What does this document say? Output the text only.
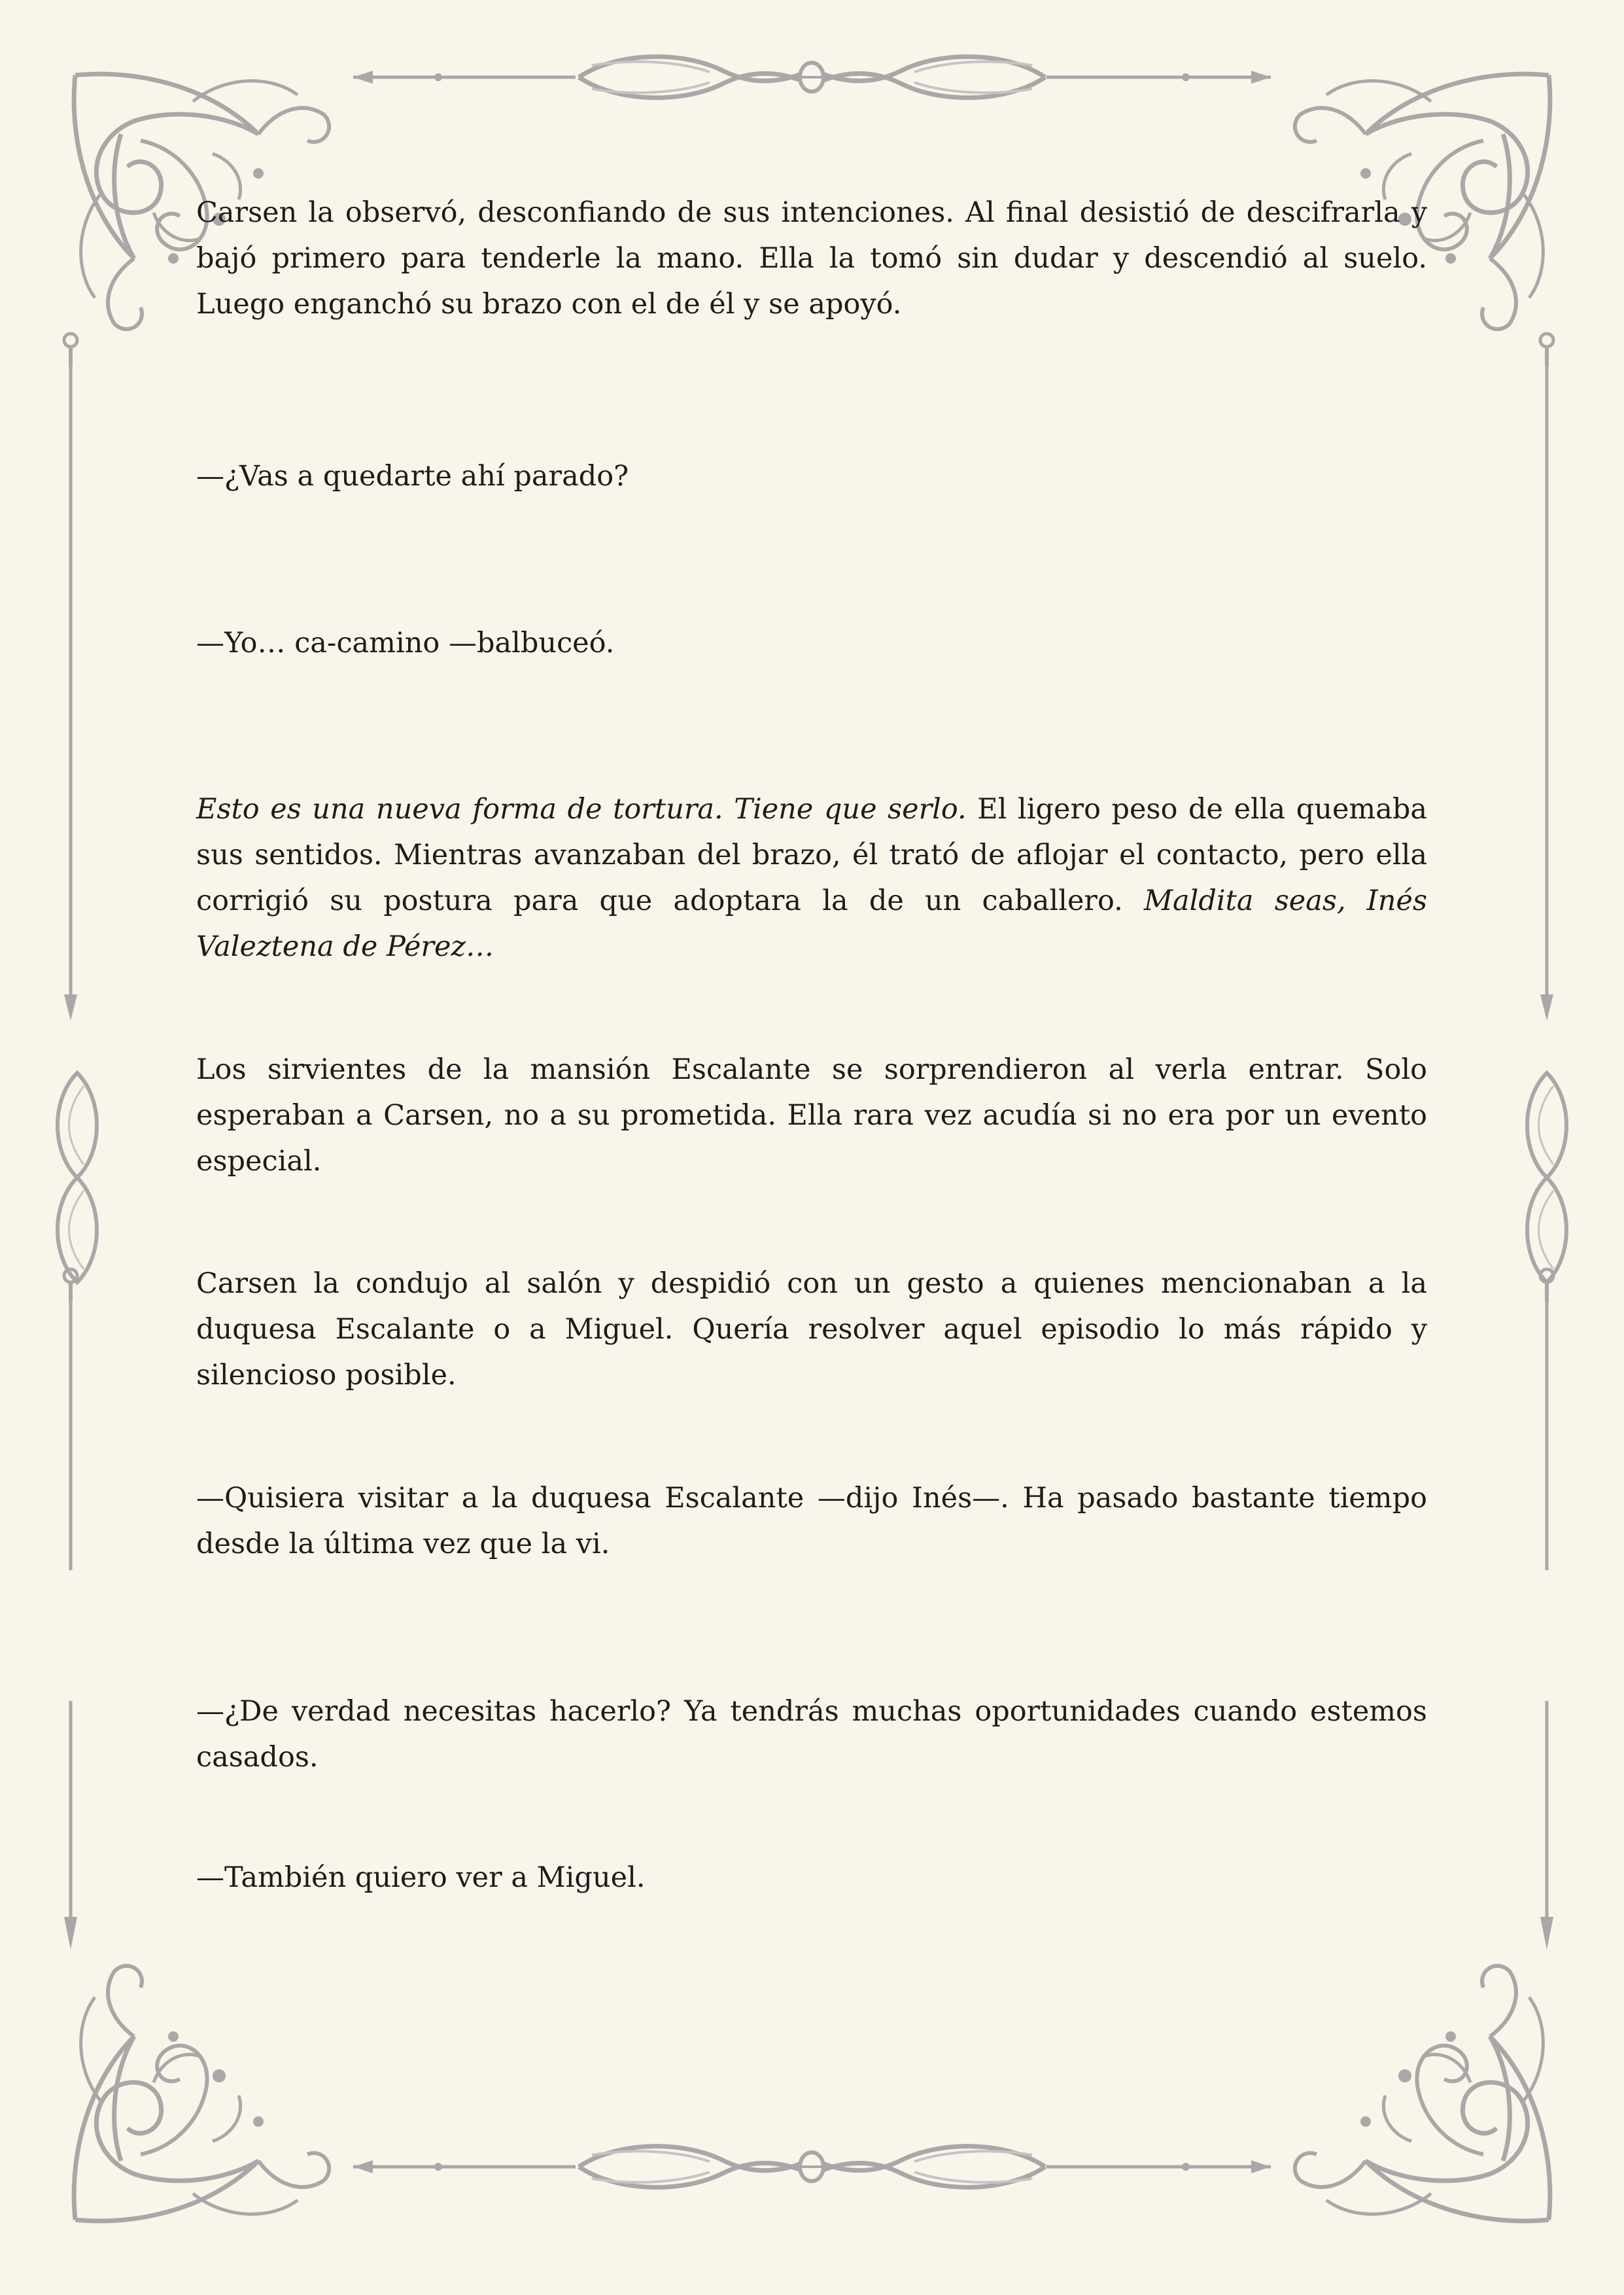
Carsen la observó, desconfiando de sus intenciones. Al final desistió de descifrarla y bajó primero para tenderle la mano. Ella la tomó sin dudar y descendió al suelo. Luego enganchó su brazo con el de él y se apoyó.

—¿Vas a quedarte ahí parado?

—Yo… ca-camino —balbuceó.

Esto es una nueva forma de tortura. Tiene que serlo. El ligero peso de ella quemaba sus sentidos. Mientras avanzaban del brazo, él trató de aflojar el contacto, pero ella corrigió su postura para que adoptara la de un caballero. Maldita seas, Inés Valeztena de Pérez…

Los sirvientes de la mansión Escalante se sorprendieron al verla entrar. Solo esperaban a Carsen, no a su prometida. Ella rara vez acudía si no era por un evento especial.

Carsen la condujo al salón y despidió con un gesto a quienes mencionaban a la duquesa Escalante o a Miguel. Quería resolver aquel episodio lo más rápido y silencioso posible.

—Quisiera visitar a la duquesa Escalante —dijo Inés—. Ha pasado bastante tiempo desde la última vez que la vi.

—¿De verdad necesitas hacerlo? Ya tendrás muchas oportunidades cuando estemos casados.

—También quiero ver a Miguel.
